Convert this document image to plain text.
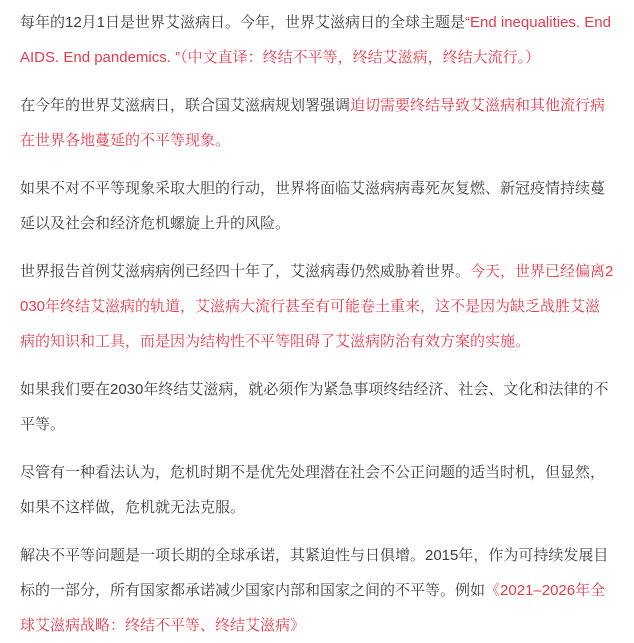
每年的12月1日是世界艾滋病日。今年，世界艾滋病日的全球主题是“End inequalities. End AIDS. End pandemics. ”（中文直译：终结不平等，终结艾滋病，终结大流行。）

在今年的世界艾滋病日，联合国艾滋病规划署强调迫切需要终结导致艾滋病和其他流行病在世界各地蔓延的不平等现象。

如果不对不平等现象采取大胆的行动，世界将面临艾滋病病毒死灰复燃、新冠疫情持续蔓延以及社会和经济危机螺旋上升的风险。

世界报告首例艾滋病病例已经四十年了，艾滋病毒仍然威胁着世界。今天，世界已经偏离2030年终结艾滋病的轨道，艾滋病大流行甚至有可能卷土重来，这不是因为缺乏战胜艾滋病的知识和工具，而是因为结构性不平等阻碍了艾滋病防治有效方案的实施。

如果我们要在2030年终结艾滋病，就必须作为紧急事项终结经济、社会、文化和法律的不平等。

尽管有一种看法认为，危机时期不是优先处理潜在社会不公正问题的适当时机，但显然，如果不这样做，危机就无法克服。

解决不平等问题是一项长期的全球承诺，其紧迫性与日俱增。2015年，作为可持续发展目标的一部分，所有国家都承诺减少国家内部和国家之间的不平等。例如《2021–2026年全球艾滋病战略：终结不平等、终结艾滋病》
